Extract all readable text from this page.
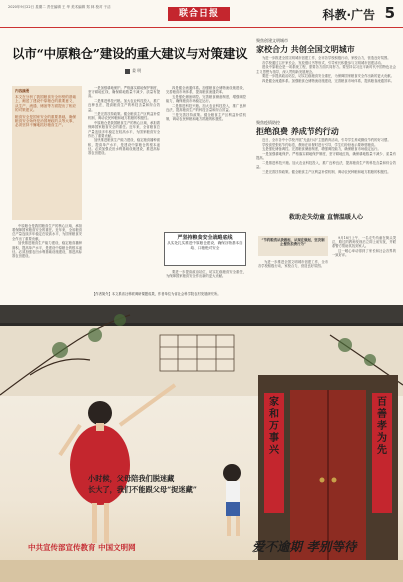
2020年9月22日 星期二 责任编辑 王 华 美术编辑 郑 林 校对 于洁
联合日报	科教·广告 5
以市“中原粮仓”建设的重大建议与对策建议
姜 明
内容摘要

本文在分析了我国粮食安全形势的基础上，阐述了建设中原粮仓的重要意义，从生产、流通、储备等方面提出了相应的对策建议。

粮食安全是国家安全的重要基础，确保粮食安全始终是治国理政的头等大事，必须坚持不懈地抓好粮食生产。

中原粮仓是我国粮食生产的核心区域，承担着保障国家粮食安全的重任。近年来，全省粮食总产量连续多年稳定在较高水平，为国家粮食安全作出了重要贡献。

加快推进粮食生产能力建设，稳定粮食播种面积，提高单产水平，是建设中原粮仓的根本途径。必须加强农田水利基础设施建设，推进高标准农田建设。

一是加强耕地保护。严格落实耕地保护制度，坚守耕地红线，确保耕地数量不减少、质量有提高。

二是推进科技兴粮。加大农业科技投入，推广良种良法，提高粮食生产的科技含量和综合效益。

三是完善扶持政策。健全粮食主产区利益补偿机制，调动农民种粮和地方抓粮的积极性。

中原粮仓是我国粮食生产的核心区域，承担着保障国家粮食安全的重任。近年来，全省粮食总产量连续多年稳定在较高水平，为国家粮食安全作出了重要贡献。

加快推进粮食生产能力建设，稳定粮食播种面积，提高单产水平，是建设中原粮仓的根本途径。必须加强农田水利基础设施建设，推进高标准农田建设。

四是健全流通体系。加强粮食仓储物流设施建设，完善粮食市场体系，提高粮食流通效率。

五是强化储备调控。完善粮食储备制度，增强调控能力，确保粮食市场稳定运行。

二是推进科技兴粮。加大农业科技投入，推广良种良法，提高粮食生产的科技含量和综合效益。

三是完善扶持政策。健全粮食主产区利益补偿机制，调动农民种粮和地方抓粮的积极性。

要进一步提高政治站位，切实扛稳粮食安全重任，为保障国家粮食安全作出新的更大贡献。

严坚持粮食安全战略底线
从实处扎实推进中原粮仓建设，确保谷物基本自给、口粮绝对安全
聚焦创建文明城市
家校合力 共创全国文明城市

为进一步推进全国文明城市创建工作，全市各学校积极行动，家校合力，营造良好氛围。

各学校通过召开家长会、发放倡议书等形式，引导家长积极参与文明城市创建活动。

建设中原粮仓是一项系统工程，需要各方面共同努力。要坚持以习近平新时代中国特色社会主义思想为指导，深入贯彻新发展理念。

要进一步提高政治站位，切实扛稳粮食安全重任，为保障国家粮食安全作出新的更大贡献。

四是健全流通体系。加强粮食仓储物流设施建设，完善粮食市场体系，提高粮食流通效率。

聚焦疫情防控
拒绝浪费 养成节约行动

近日，全市各中小学校开展“光盘行动”主题教育活动，引导学生养成勤俭节约的好习惯。

学校食堂张贴节约标语，教师在用餐时进行引导，学生们纷纷表示要珍惜粮食。

五是强化储备调控。完善粮食储备制度，增强调控能力，确保粮食市场稳定运行。

一是加强耕地保护。严格落实耕地保护制度，坚守耕地红线，确保耕地数量不减少、质量有提高。

二是推进科技兴粮。加大农业科技投入，推广良种良法，提高粮食生产的科技含量和综合效益。

三是完善扶持政策。健全粮食主产区利益补偿机制，调动农民种粮和地方抓粮的积极性。

“节约粮食从我做起，从现在做起，坚决制止餐饮浪费行为”
救助走失幼童 直情温暖人心

9月18日上午，一名走失幼童在街头哭泣，路过的教师发现后立即上前安抚，并联系警方帮助其找到家人。

这一暖心举动得到了家长和社会各界的一致好评。

为进一步推进全国文明城市创建工作，全市各学校积极行动，家校合力，营造良好氛围。

【作者简介】本文系省社科联调研课题成果，作者单位为省社会科学院农村发展研究所。
家和万事兴
百善孝为先
小时候，父母陪我们脱迷藏
长大了，我们不能跟父母“捉迷藏”
爱不逾期 孝别等待
中共宣传部宣传教育 中国文明网
